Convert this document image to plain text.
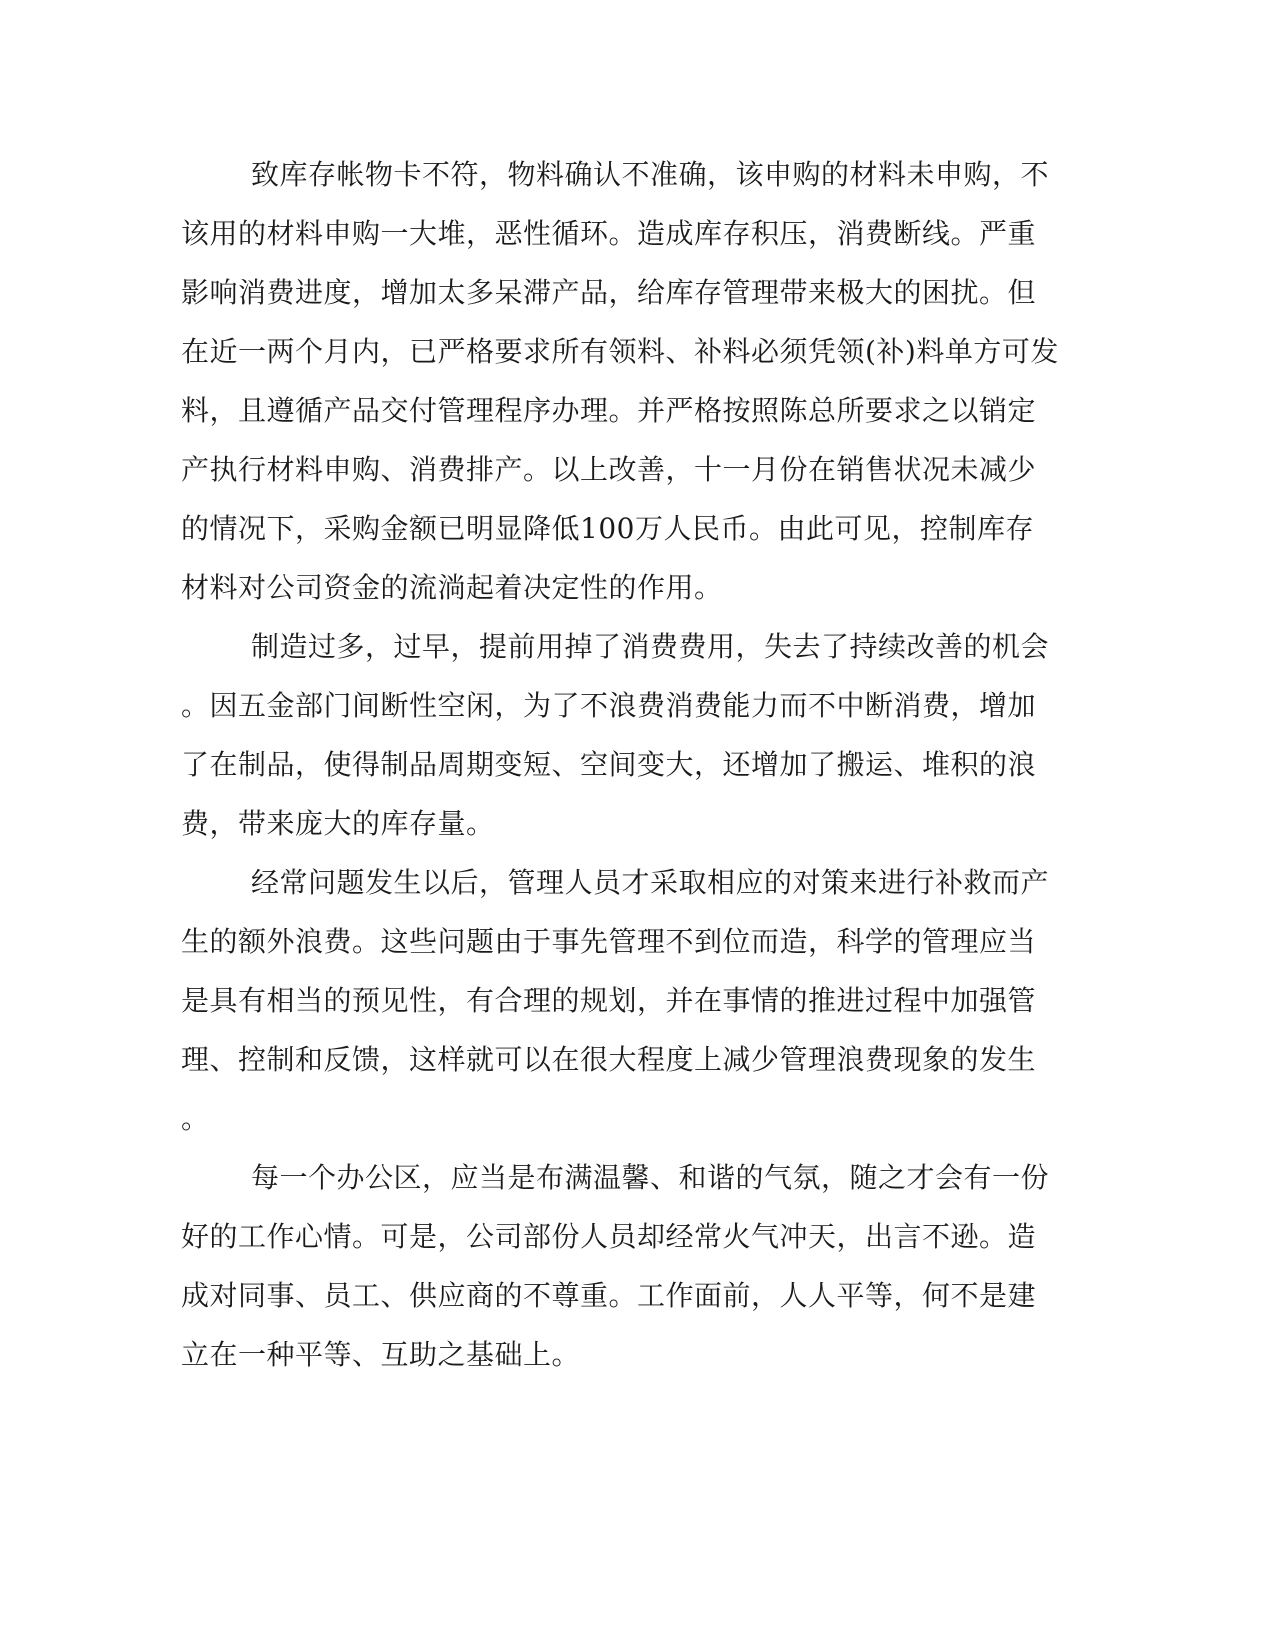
致库存帐物卡不符，物料确认不准确，该申购的材料未申购，不
该用的材料申购一大堆，恶性循环。造成库存积压，消费断线。严重
影响消费进度，增加太多呆滞产品，给库存管理带来极大的困扰。但
在近一两个月内，已严格要求所有领料、补料必须凭领(补)料单方可发
料，且遵循产品交付管理程序办理。并严格按照陈总所要求之以销定
产执行材料申购、消费排产。以上改善，十一月份在销售状况未减少
的情况下，采购金额已明显降低100万人民币。由此可见，控制库存
材料对公司资金的流淌起着决定性的作用。
制造过多，过早，提前用掉了消费费用，失去了持续改善的机会
。因五金部门间断性空闲，为了不浪费消费能力而不中断消费，增加
了在制品，使得制品周期变短、空间变大，还增加了搬运、堆积的浪
费，带来庞大的库存量。
经常问题发生以后，管理人员才采取相应的对策来进行补救而产
生的额外浪费。这些问题由于事先管理不到位而造，科学的管理应当
是具有相当的预见性，有合理的规划，并在事情的推进过程中加强管
理、控制和反馈，这样就可以在很大程度上减少管理浪费现象的发生
。
每一个办公区，应当是布满温馨、和谐的气氛，随之才会有一份
好的工作心情。可是，公司部份人员却经常火气冲天，出言不逊。造
成对同事、员工、供应商的不尊重。工作面前，人人平等，何不是建
立在一种平等、互助之基础上。
